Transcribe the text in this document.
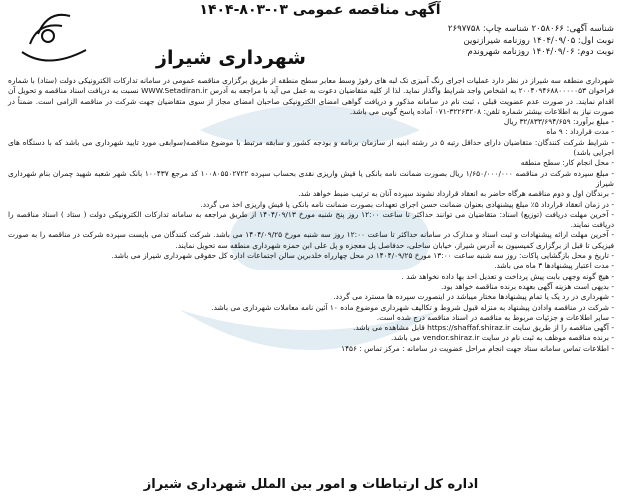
آگهی مناقصه عمومی ۰۳-۸۰۳-۱۴۰۴
شناسه آگهی: ۲۰۵۸۰۶۶ شناسه چاپ: ۲۶۹۷۷۵۸
نوبت اول: ۱۴۰۴/۰۹/۰۵ روزنامه شیرازنوین
نوبت دوم: ۱۴۰۴/۰۹/۰۶ روزنامه شهروندم
شهرداری شیراز

شهرداری منطقه سه شیراز در نظر دارد عملیات اجرای رنگ آمیزی تک لبه های رفوژ وسط معابر سطح منطقه از طریق برگزاری مناقصه عمومی در سامانه تدارکات الکترونیکی دولت (ستاد) با شماره فراخوان ۲۰۰۴۰۹۴۶۸۸۰۰۰۰۰۵۳ به اشخاص واجد شرایط واگذار نماید. لذا از کلیه متقاضیان دعوت به عمل می آید با مراجعه به آدرس WWW.Setadiran.ir نسبت به دریافت اسناد مناقصه و تحویل آن اقدام نمایند. در صورت عدم عضویت قبلی ، ثبت نام در سامانه مذکور و دریافت گواهی امضای الکترونیکی صاحبان امضای مجاز از سوی متقاضیان جهت شرکت در مناقصه الزامی است. ضمناً در صورت نیاز به اطلاعات بیشتر شماره تلفن: ۳۲۲۶۳۲۰۸-۰۷۱ آماده پاسخ گویی می باشد.

- مبلغ برآورد: ۳۲/۸۳۳/۶۹۴/۶۵۹ ریال

- مدت قرارداد : ۹ ماه

- شرایط شرکت کنندگان: متقاضیان دارای حداقل رتبه ۵ در رشته ابنیه از سازمان برنامه و بودجه کشور و سابقه مرتبط با موضوع مناقصه(سوابقی مورد تایید شهرداری می باشد که با دستگاه های اجرایی باشد)

- محل انجام کار: سطح منطقه

- مبلغ سپرده شرکت در مناقصه ۱/۶۵۰/۰۰۰/۰۰۰ ریال بصورت ضمانت نامه بانکی یا فیش واریزی نقدی بحساب سپرده ۱۰۰۸۰۵۵۰۲۷۲۲ کد مرجع ۱۰۰۴۳۷ بانک شهر شعبه شهید چمران بنام شهرداری شیراز

- برندگان اول و دوم مناقصه هرگاه حاضر به انعقاد قرارداد نشوند سپرده آنان به ترتیب ضبط خواهد شد.

- در زمان انعقاد قرارداد ۵٪ مبلغ پیشنهادی بعنوان ضمانت حسن اجرای تعهدات بصورت ضمانت نامه بانکی یا فیش واریزی اخذ می گردد.

- آخرین مهلت دریافت (توزیع) اسناد: متقاضیان می توانند حداکثر تا ساعت ۱۲:۰۰ روز پنج شنبه مورخ ۱۴۰۴/۰۹/۱۳ از طریق مراجعه به سامانه تدارکات الکترونیکی دولت ( ستاد ) اسناد مناقصه را دریافت نمایند.

- آخرین مهلت ارائه پیشنهادات و ثبت اسناد و مدارک در سامانه حداکثر تا ساعت ۱۲:۰۰ روز سه شنبه مورخ ۱۴۰۴/۰۹/۲۵ می باشد. شرکت کنندگان می بایست سپرده شرکت در مناقصه را به صورت فیزیکی تا قبل از برگزاری کمیسیون به آدرس شیراز، خیابان ساحلی، حدفاصل پل معجزه و پل علی ابن حمزه شهرداری منطقه سه تحویل نمایند.

- تاریخ و محل بازگشایی پاکات: روز سه شنبه ساعت ۱۳:۰۰ مورخ ۱۴۰۴/۰۹/۲۵ در محل چهارراه خلدبرین سالن اجتماعات اداره کل حقوقی شهرداری شیراز می باشد.

- مدت اعتبار پیشنهادها ۳ ماه می باشد.

- هیچ گونه وجهی بابت پیش پرداخت و تعدیل احد بها داده نخواهد شد .

- بدیهی است هزینه آگهی بعهده برنده مناقصه خواهد بود.

- شهرداری در رد یک یا تمام پیشنهادها مختار میباشد در اینصورت سپرده ها مسترد می گردد.

- شرکت در مناقصه وادادن پیشنهاد به منزله قبول شروط و تکالیف شهرداری موضوع ماده ۱۰ آئین نامه معاملات شهرداری می باشد.

- سایر اطلاعات و جزئیات مربوط به مناقصه در اسناد مناقصه درج شده است.

- آگهی مناقصه را از طریق سایت https://shaffaf.shiraz.ir قابل مشاهده می باشد.

- برنده مناقصه موظف به ثبت نام در سایت vendor.shiraz.ir می باشد.

- اطلاعات تماس سامانه ستاد جهت انجام مراحل عضویت در سامانه : مرکز تماس : ۱۴۵۶

اداره کل ارتباطات و امور بین الملل شهرداری شیراز
